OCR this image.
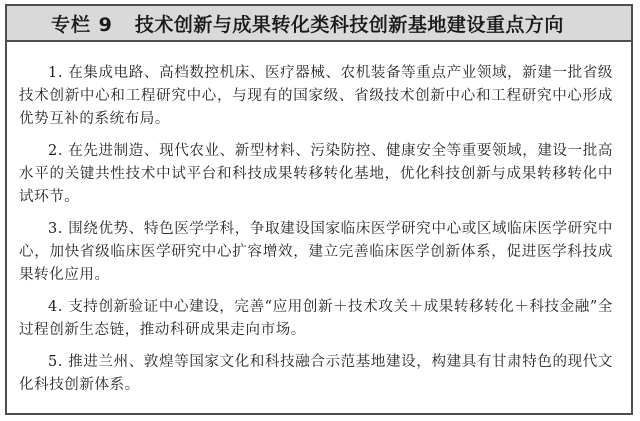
专栏 9 技术创新与成果转化类科技创新基地建设重点方向

1. 在集成电路、高档数控机床、医疗器械、农机装备等重点产业领域，新建一批省级技术创新中心和工程研究中心，与现有的国家级、省级技术创新中心和工程研究中心形成优势互补的系统布局。

2. 在先进制造、现代农业、新型材料、污染防控、健康安全等重要领域，建设一批高水平的关键共性技术中试平台和科技成果转移转化基地，优化科技创新与成果转移转化中试环节。

3. 围绕优势、特色医学学科，争取建设国家临床医学研究中心或区域临床医学研究中心，加快省级临床医学研究中心扩容增效，建立完善临床医学创新体系，促进医学科技成果转化应用。

4. 支持创新验证中心建设，完善“应用创新＋技术攻关＋成果转移转化＋科技金融”全过程创新生态链，推动科研成果走向市场。

5. 推进兰州、敦煌等国家文化和科技融合示范基地建设，构建具有甘肃特色的现代文化科技创新体系。
